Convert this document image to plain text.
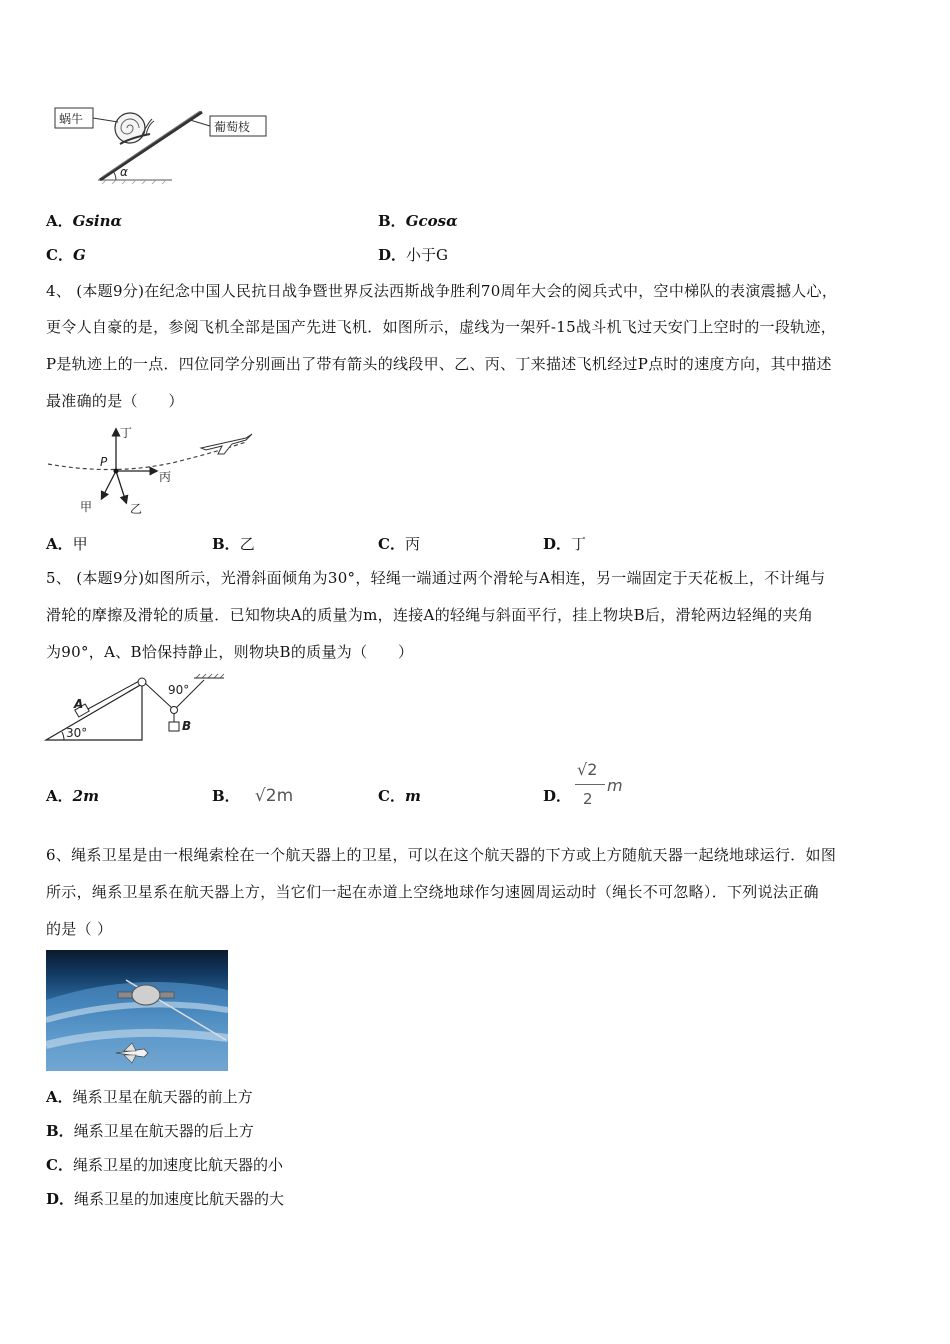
α
蜗牛
葡萄枝
A．Gsinα	B．Gcosα
C．G	D．小于G
4、 (本题9分)在纪念中国人民抗日战争暨世界反法西斯战争胜利70周年大会的阅兵式中，空中梯队的表演震撼人心，
更令人自豪的是，参阅飞机全部是国产先进飞机．如图所示，虚线为一架歼-15战斗机飞过天安门上空时的一段轨迹，
P是轨迹上的一点．四位同学分别画出了带有箭头的线段甲、乙、丙、丁来描述飞机经过P点时的速度方向，其中描述
最准确的是（　　）
P
丁
丙
甲	乙
A．甲	B．乙	C．丙	D．丁
5、 (本题9分)如图所示，光滑斜面倾角为30°，轻绳一端通过两个滑轮与A相连，另一端固定于天花板上，不计绳与
滑轮的摩擦及滑轮的质量．已知物块A的质量为m，连接A的轻绳与斜面平行，挂上物块B后，滑轮两边轻绳的夹角
为90°，A、B恰保持静止，则物块B的质量为（　　）
30°
A
B
90°
A．2m	B． √2m	C．m	D．
√2
2
m
6、绳系卫星是由一根绳索栓在一个航天器上的卫星，可以在这个航天器的下方或上方随航天器一起绕地球运行．如图
所示，绳系卫星系在航天器上方，当它们一起在赤道上空绕地球作匀速圆周运动时（绳长不可忽略）．下列说法正确
的是（ ）
A．绳系卫星在航天器的前上方
B．绳系卫星在航天器的后上方
C．绳系卫星的加速度比航天器的小
D．绳系卫星的加速度比航天器的大
